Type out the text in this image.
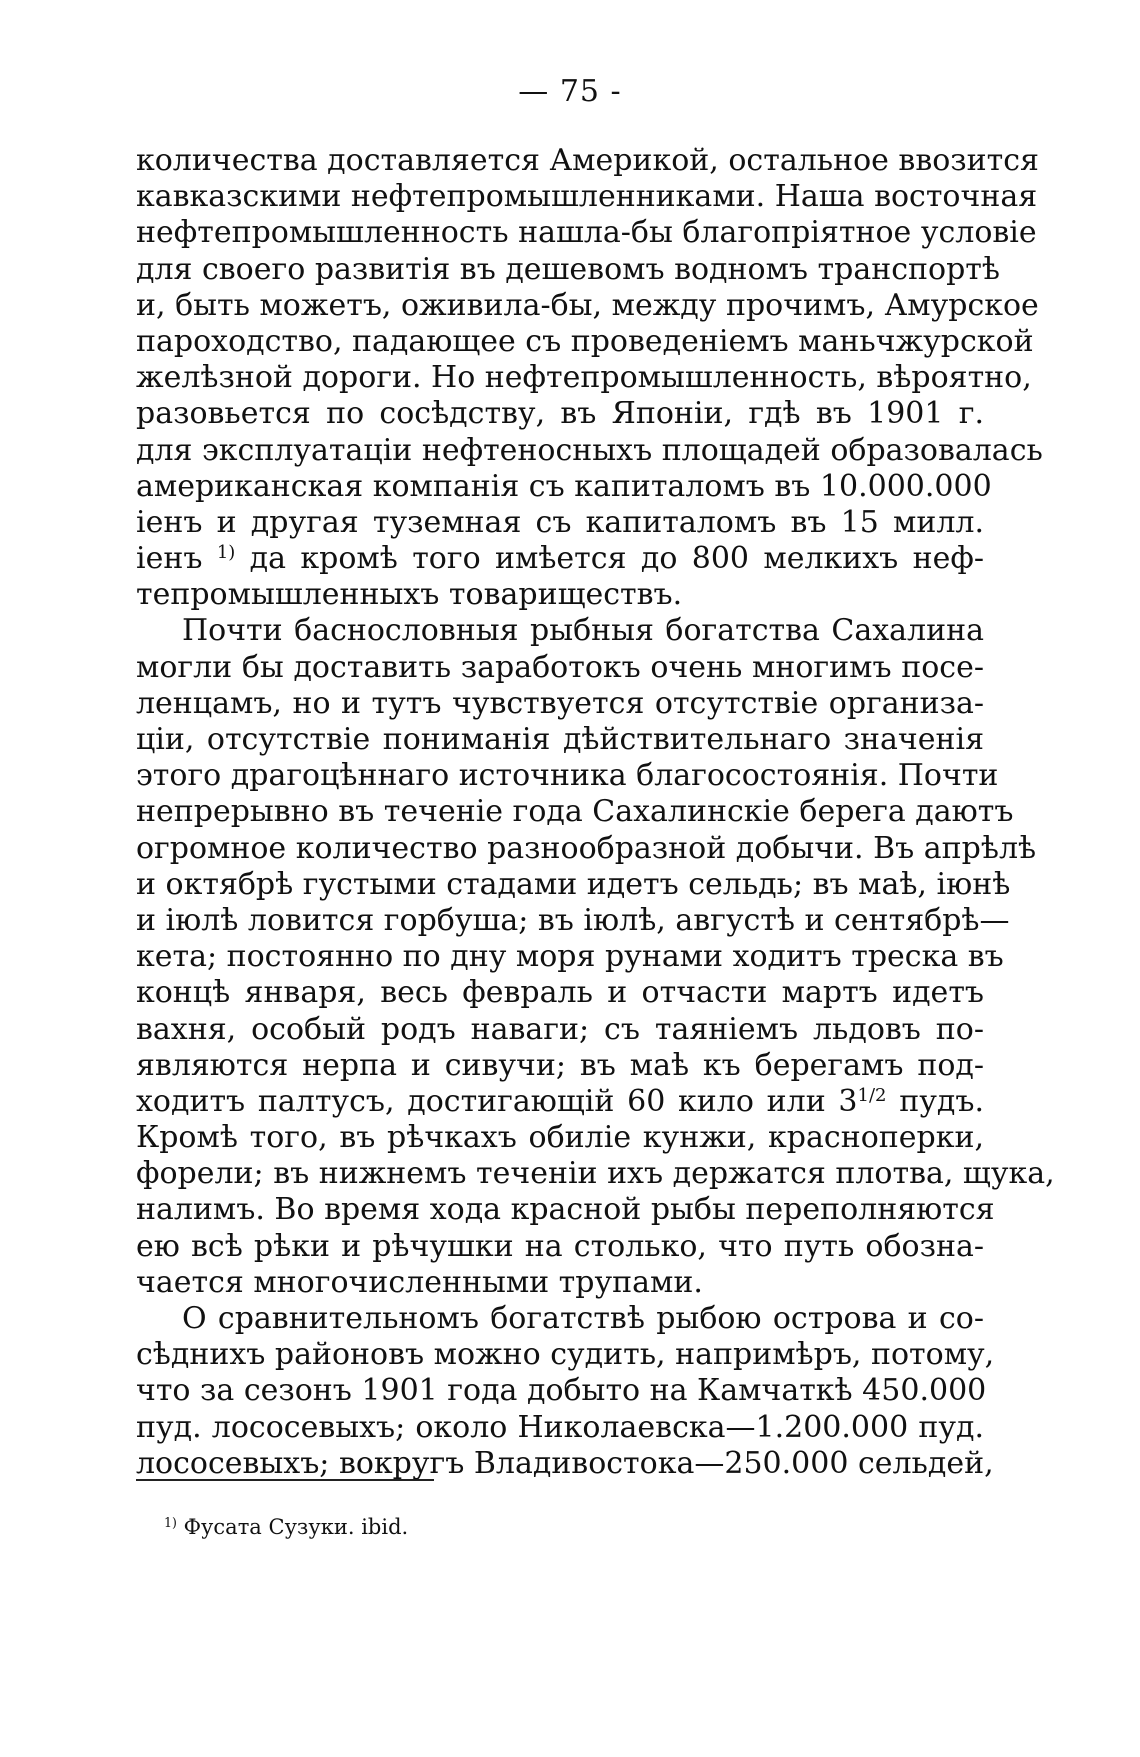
— 75 -
количества доставляется Америкой, остальное ввозится
кавказскими нефтепромышленниками. Наша восточная
нефтепромышленность нашла-бы благопріятное условіе
для своего развитія въ дешевомъ водномъ транспортѣ
и, быть можетъ, оживила-бы, между прочимъ, Амурское
пароходство, падающее съ проведеніемъ маньчжурской
желѣзной дороги. Но нефтепромышленность, вѣроятно,
разовьется по сосѣдству, въ Японіи, гдѣ въ 1901 г.
для эксплуатаціи нефтеносныхъ площадей образовалась
американская компанія съ капиталомъ въ 10.000.000
іенъ и другая туземная съ капиталомъ въ 15 милл.
іенъ $^{1)}$ да кромѣ того имѣется до 800 мелкихъ неф-
тепромышленныхъ товариществъ.
Почти баснословныя рыбныя богатства Сахалина
могли бы доставить заработокъ очень многимъ посе-
ленцамъ, но и тутъ чувствуется отсутствіе организа-
ціи, отсутствіе пониманія дѣйствительнаго значенія
этого драгоцѣннаго источника благосостоянія. Почти
непрерывно въ теченіе года Сахалинскіе берега даютъ
огромное количество разнообразной добычи. Въ апрѣлѣ
и октябрѣ густыми стадами идетъ сельдь; въ маѣ, іюнѣ
и іюлѣ ловится горбуша; въ іюлѣ, августѣ и сентябрѣ—
кета; постоянно по дну моря рунами ходитъ треска въ
концѣ января, весь февраль и отчасти мартъ идетъ
вахня, особый родъ наваги; съ таяніемъ льдовъ по-
являются нерпа и сивучи; въ маѣ къ берегамъ под-
ходитъ палтусъ, достигающій 60 кило или $3^{1/2}$ пудъ.
Кромѣ того, въ рѣчкахъ обиліе кунжи, красноперки,
форели; въ нижнемъ теченіи ихъ держатся плотва, щука,
налимъ. Во время хода красной рыбы переполняются
ею всѣ рѣки и рѣчушки на столько, что путь обозна-
чается многочисленными трупами.
О сравнительномъ богатствѣ рыбою острова и со-
сѣднихъ районовъ можно судить, напримѣръ, потому,
что за сезонъ 1901 года добыто на Камчаткѣ 450.000
пуд. лососевыхъ; около Николаевска—1.200.000 пуд.
лососевыхъ; вокругъ Владивостока—250.000 сельдей,
$^{1)}$ Фусата Сузуки. ibid.
